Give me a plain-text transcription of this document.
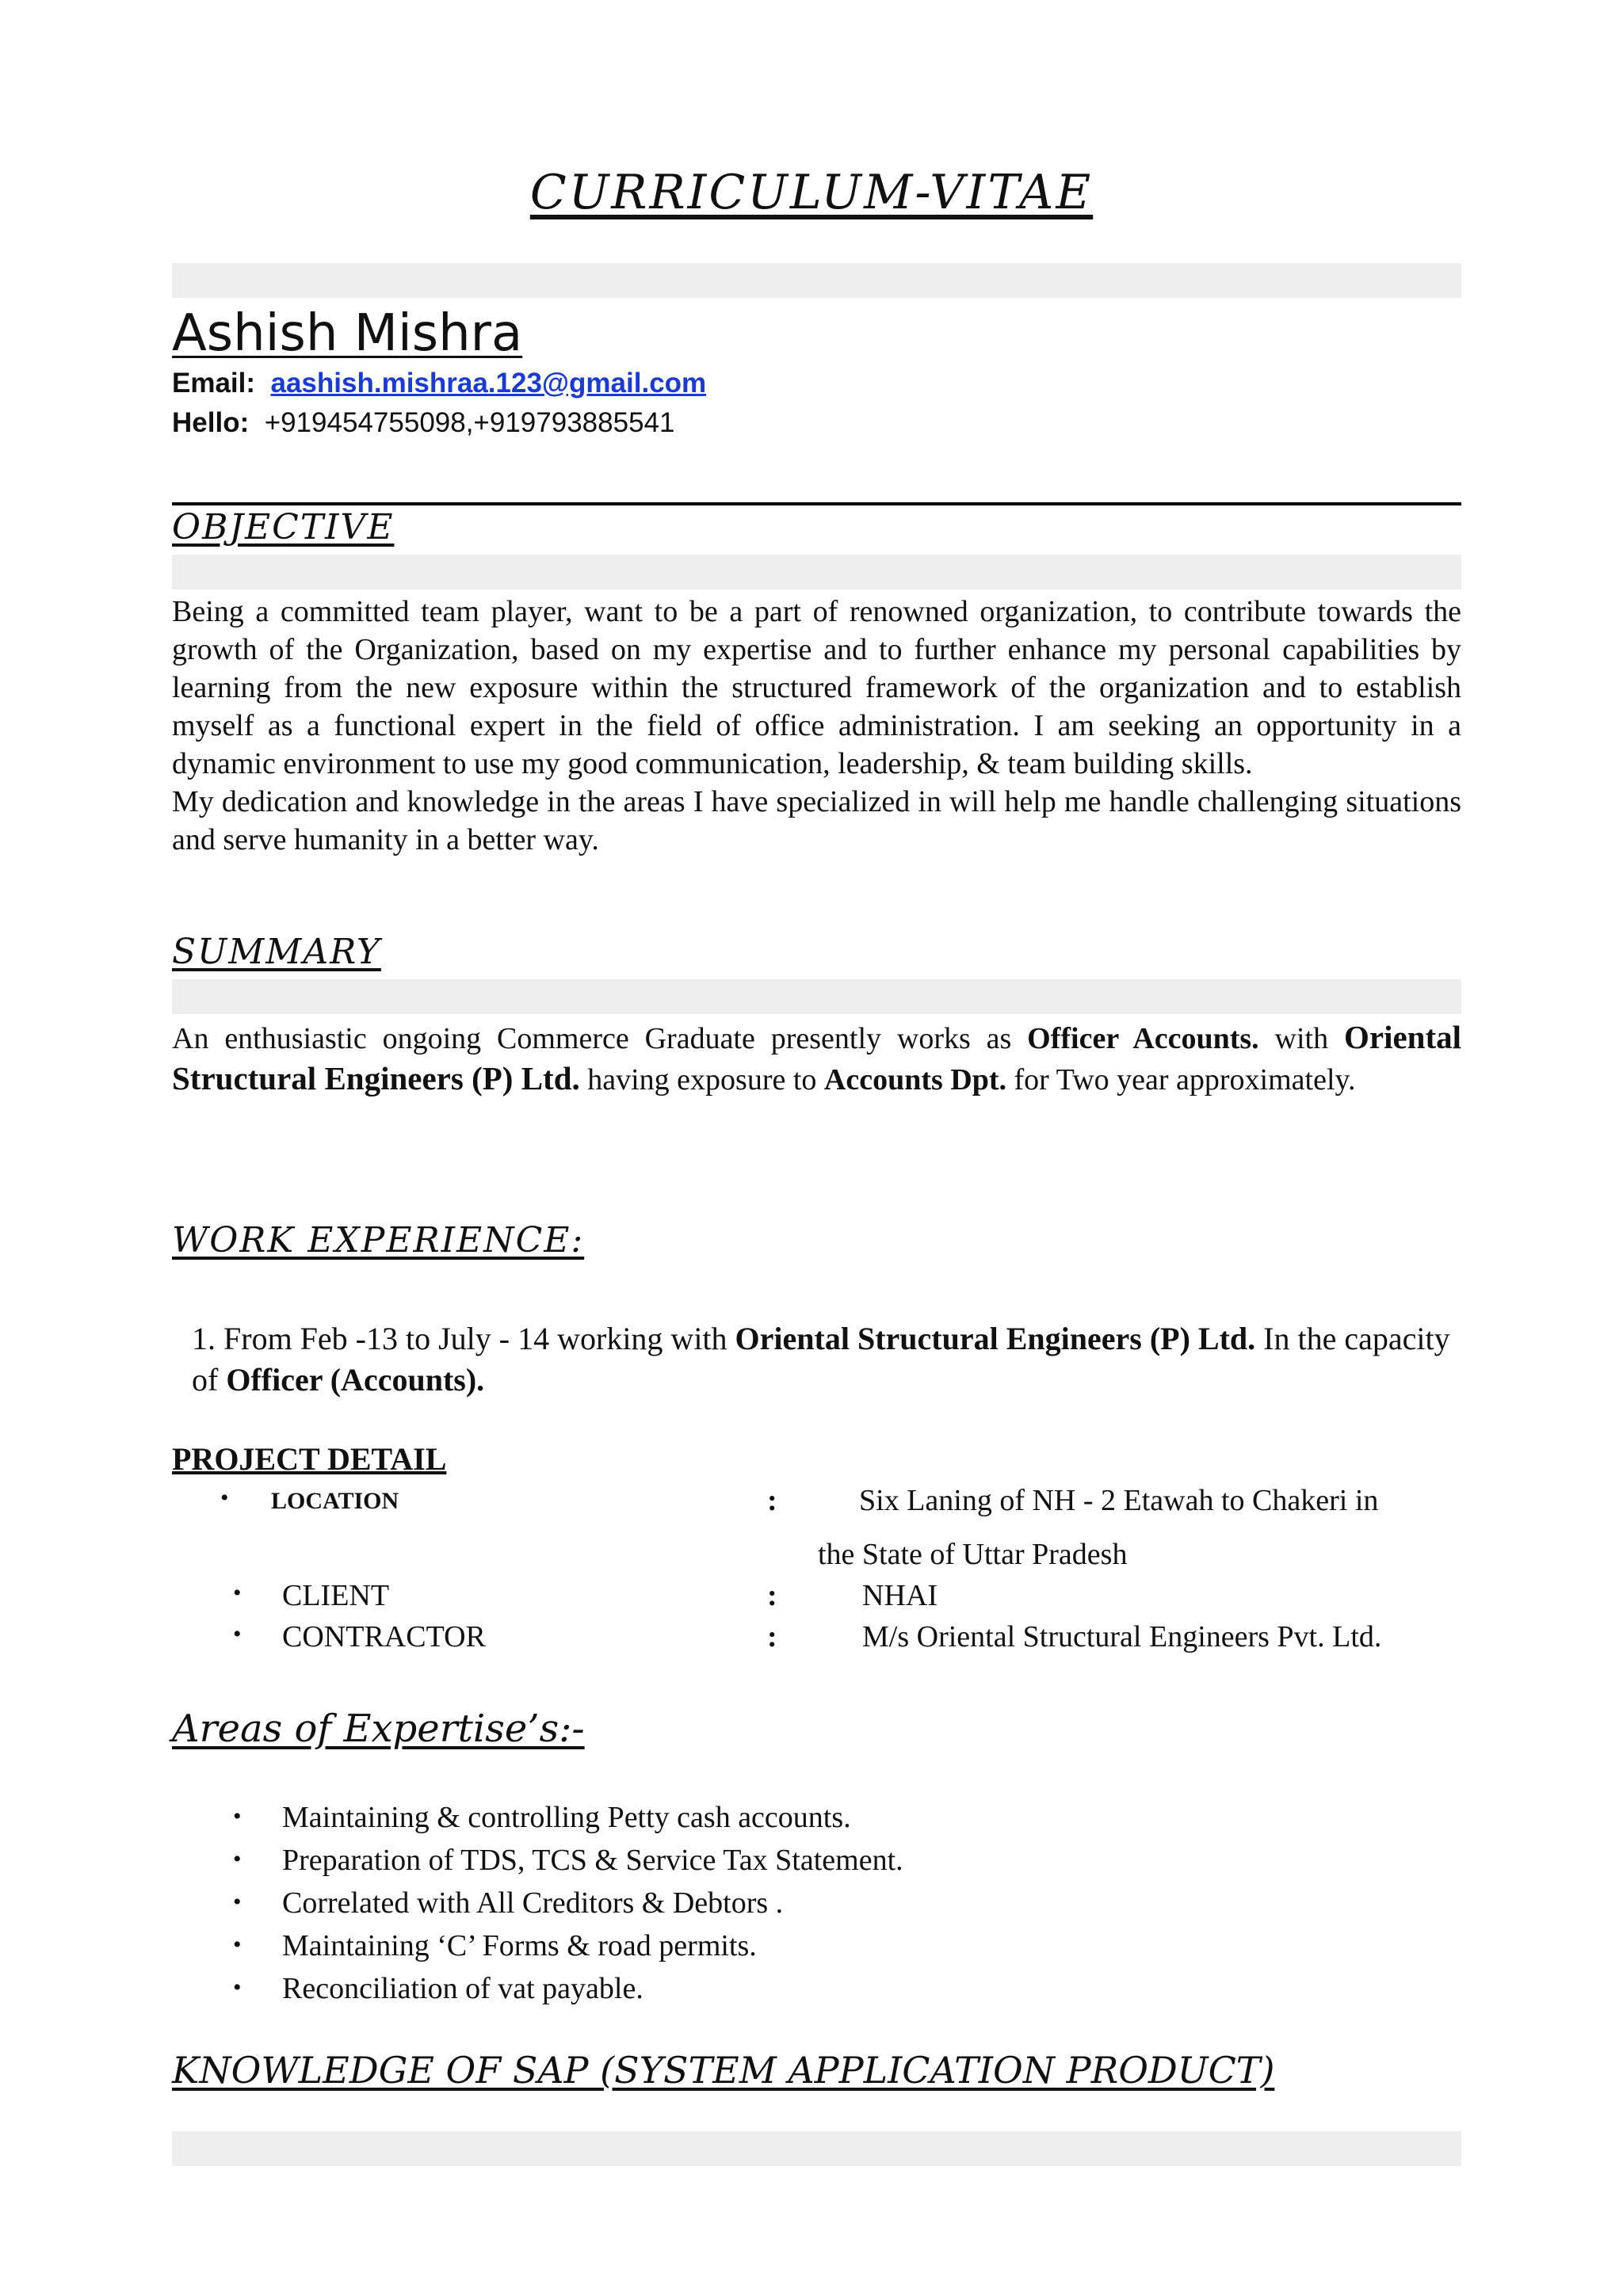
CURRICULUM-VITAE
Ashish Mishra
Email: aashish.mishraa.123@gmail.com
Hello: +919454755098,+919793885541
OBJECTIVE

Being a committed team player, want to be a part of renowned organization, to contribute towards the growth of the Organization, based on my expertise and to further enhance my personal capabilities by learning from the new exposure within the structured framework of the organization and to establish myself as a functional expert in the field of office administration. I am seeking an opportunity in a dynamic environment to use my good communication, leadership, & team building skills.

My dedication and knowledge in the areas I have specialized in will help me handle challenging situations and serve humanity in a better way.

SUMMARY
An enthusiastic ongoing Commerce Graduate presently works as Officer Accounts. with Oriental Structural Engineers (P) Ltd. having exposure to Accounts Dpt. for Two year approximately.
WORK EXPERIENCE:
1. From Feb -13 to July - 14 working with Oriental Structural Engineers (P) Ltd. In the capacity of Officer (Accounts).
PROJECT DETAIL
• LOCATION	:	Six Laning of NH - 2 Etawah to Chakeri in
the State of Uttar Pradesh
• CLIENT	:	NHAI
• CONTRACTOR	:	M/s Oriental Structural Engineers Pvt. Ltd.
Areas of Expertise’s:-
• Maintaining & controlling Petty cash accounts.
• Preparation of TDS, TCS & Service Tax Statement.
• Correlated with All Creditors & Debtors .
• Maintaining ‘C’ Forms & road permits.
• Reconciliation of vat payable.
KNOWLEDGE OF SAP (SYSTEM APPLICATION PRODUCT)
